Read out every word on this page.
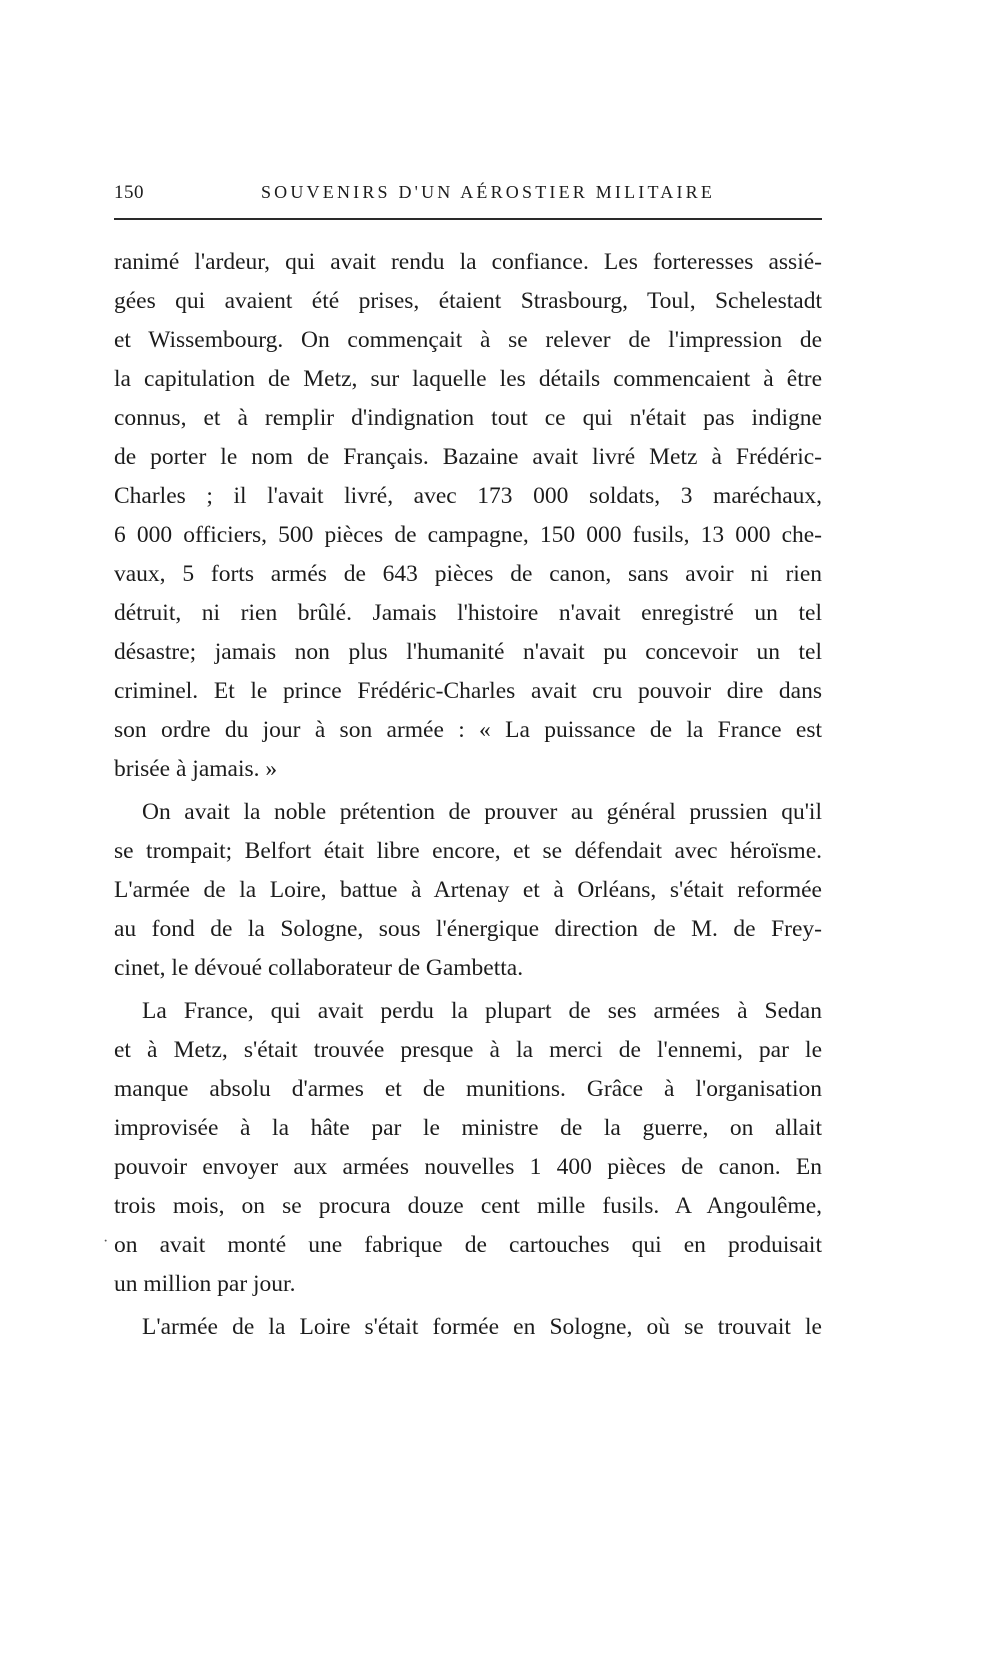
150	SOUVENIRS D'UN AÉROSTIER MILITAIRE
·
ranimé l'ardeur, qui avait rendu la confiance. Les forteresses assié-
gées qui avaient été prises, étaient Strasbourg, Toul, Schelestadt
et Wissembourg. On commençait à se relever de l'impression de
la capitulation de Metz, sur laquelle les détails commencaient à être
connus, et à remplir d'indignation tout ce qui n'était pas indigne
de porter le nom de Français. Bazaine avait livré Metz à Frédéric-
Charles ; il l'avait livré, avec 173 000 soldats, 3 maréchaux,
6 000 officiers, 500 pièces de campagne, 150 000 fusils, 13 000 che-
vaux, 5 forts armés de 643 pièces de canon, sans avoir ni rien
détruit, ni rien brûlé. Jamais l'histoire n'avait enregistré un tel
désastre; jamais non plus l'humanité n'avait pu concevoir un tel
criminel. Et le prince Frédéric-Charles avait cru pouvoir dire dans
son ordre du jour à son armée : « La puissance de la France est
brisée à jamais. »
On avait la noble prétention de prouver au général prussien qu'il
se trompait; Belfort était libre encore, et se défendait avec héroïsme.
L'armée de la Loire, battue à Artenay et à Orléans, s'était reformée
au fond de la Sologne, sous l'énergique direction de M. de Frey-
cinet, le dévoué collaborateur de Gambetta.
La France, qui avait perdu la plupart de ses armées à Sedan
et à Metz, s'était trouvée presque à la merci de l'ennemi, par le
manque absolu d'armes et de munitions. Grâce à l'organisation
improvisée à la hâte par le ministre de la guerre, on allait
pouvoir envoyer aux armées nouvelles 1 400 pièces de canon. En
trois mois, on se procura douze cent mille fusils. A Angoulême,
on avait monté une fabrique de cartouches qui en produisait
un million par jour.
L'armée de la Loire s'était formée en Sologne, où se trouvait le
